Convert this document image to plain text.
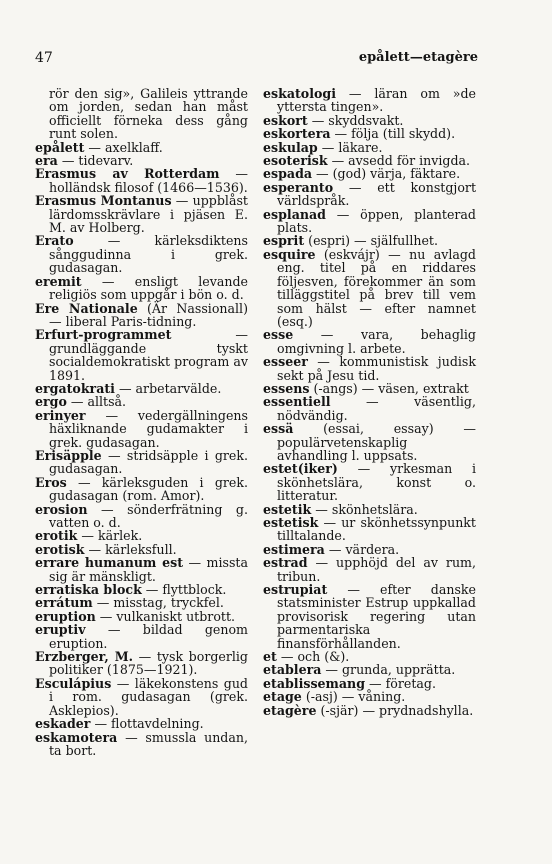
47	epålett—etagère

rör den sig», Galileis yttrande om jorden, sedan han måst officiellt förneka dess gång runt solen.

epålett — axelklaff.

era — tidevarv.

Erasmus av Rotterdam — holländsk filosof (1466—1536).

Erasmus Montanus — uppblåst lärdomsskrävlare i pjäsen E. M. av Holberg.

Erato — kärleksdiktens sånggudinna i grek. gudasagan.

eremit — ensligt levande religiös som uppgår i bön o. d.

Ere Nationale (Är Nassionall) — liberal Paris-tidning.

Erfurt-programmet — grundläggande tyskt socialdemokratiskt program av 1891.

ergatokrati — arbetarvälde.

ergo — alltså.

erinyer — vedergällningens häxliknande gudamakter i grek. gudasagan.

Erisäpple — stridsäpple i grek. gudasagan.

Eros — kärleksguden i grek. gudasagan (rom. Amor).

erosion — sönderfrätning g. vatten o. d.

erotik — kärlek.

erotisk — kärleksfull.

errare humanum est — missta sig är mänskligt.

erratiska block — flyttblock.

errátum — misstag, tryckfel.

eruption — vulkaniskt utbrott.

eruptiv — bildad genom eruption.

Erzberger, M. — tysk borgerlig politiker (1875—1921).

Esculápius — läkekonstens gud i rom. gudasagan (grek. Asklepios).

eskader — flottavdelning.

eskamotera — smussla undan, ta bort.

eskatologi — läran om »de yttersta tingen».

eskort — skyddsvakt.

eskortera — följa (till skydd).

eskulap — läkare.

esoterisk — avsedd för invigda.

espada — (god) värja, fäktare.

esperanto — ett konstgjort världspråk.

esplanad — öppen, planterad plats.

esprit (espri) — själfullhet.

esquire (eskvájr) — nu avlagd eng. titel på en riddares följesven, förekommer än som tilläggstitel på brev till vem som hälst — efter namnet (esq.)

esse — vara, behaglig omgivning l. arbete.

esseer — kommunistisk judisk sekt på Jesu tid.

essens (-angs) — väsen, extrakt

essentiell — väsentlig, nödvändig.

essä (essai, essay) — populärvetenskaplig avhandling l. uppsats.

estet(iker) — yrkesman i skönhetslära, konst o. litteratur.

estetik — skönhetslära.

estetisk — ur skönhetssynpunkt tilltalande.

estimera — värdera.

estrad — upphöjd del av rum, tribun.

estrupiat — efter danske statsminister Estrup uppkallad provisorisk regering utan parmentariska finansförhållanden.

et — och (&).

etablera — grunda, upprätta.

etablissemang — företag.

etage (-asj) — våning.

etagère (-sjär) — prydnadshylla.
